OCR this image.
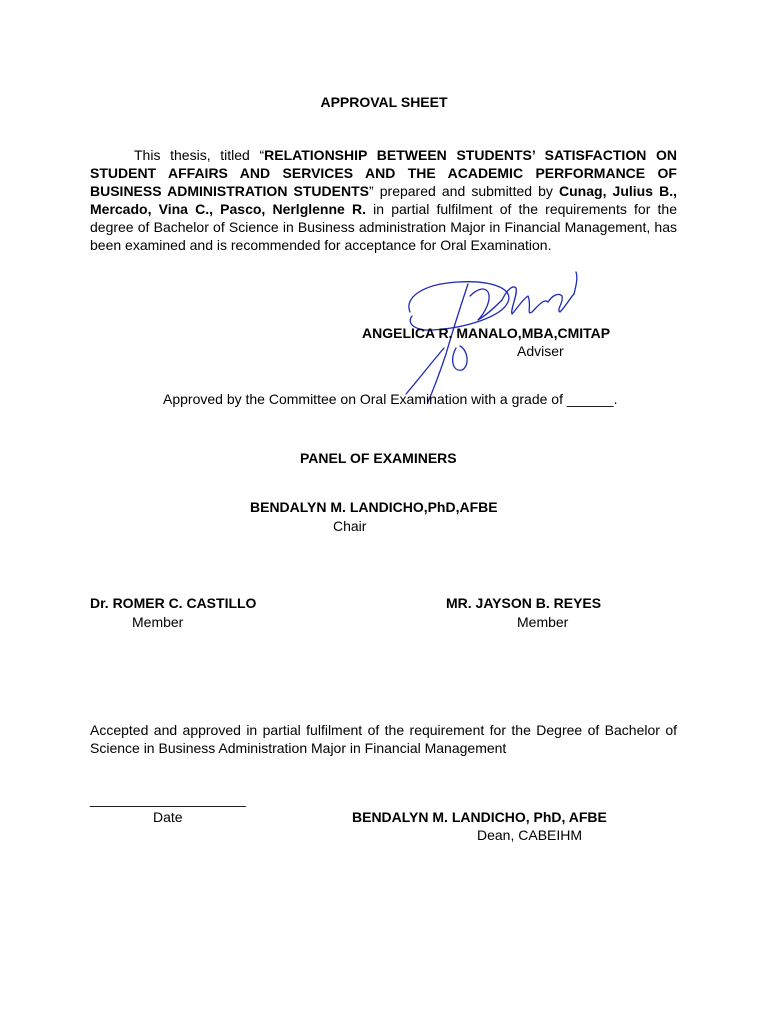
APPROVAL SHEET

This thesis, titled “RELATIONSHIP BETWEEN STUDENTS’ SATISFACTION ON STUDENT AFFAIRS AND SERVICES AND THE ACADEMIC PERFORMANCE OF BUSINESS ADMINISTRATION STUDENTS” prepared and submitted by Cunag, Julius B., Mercado, Vina C., Pasco, Nerlglenne R. in partial fulfilment of the requirements for the degree of Bachelor of Science in Business administration Major in Financial Management, has been examined and is recommended for acceptance for Oral Examination.

ANGELICA R. MANALO,MBA,CMITAP
Adviser
Approved by the Committee on Oral Examination with a grade of ______.
PANEL OF EXAMINERS
BENDALYN M. LANDICHO,PhD,AFBE
Chair
Dr. ROMER C. CASTILLO
Member
MR. JAYSON B. REYES
Member

Accepted and approved in partial fulfilment of the requirement for the Degree of Bachelor of Science in Business Administration Major in Financial Management

____________________
Date	BENDALYN M. LANDICHO, PhD, AFBE
Dean, CABEIHM
